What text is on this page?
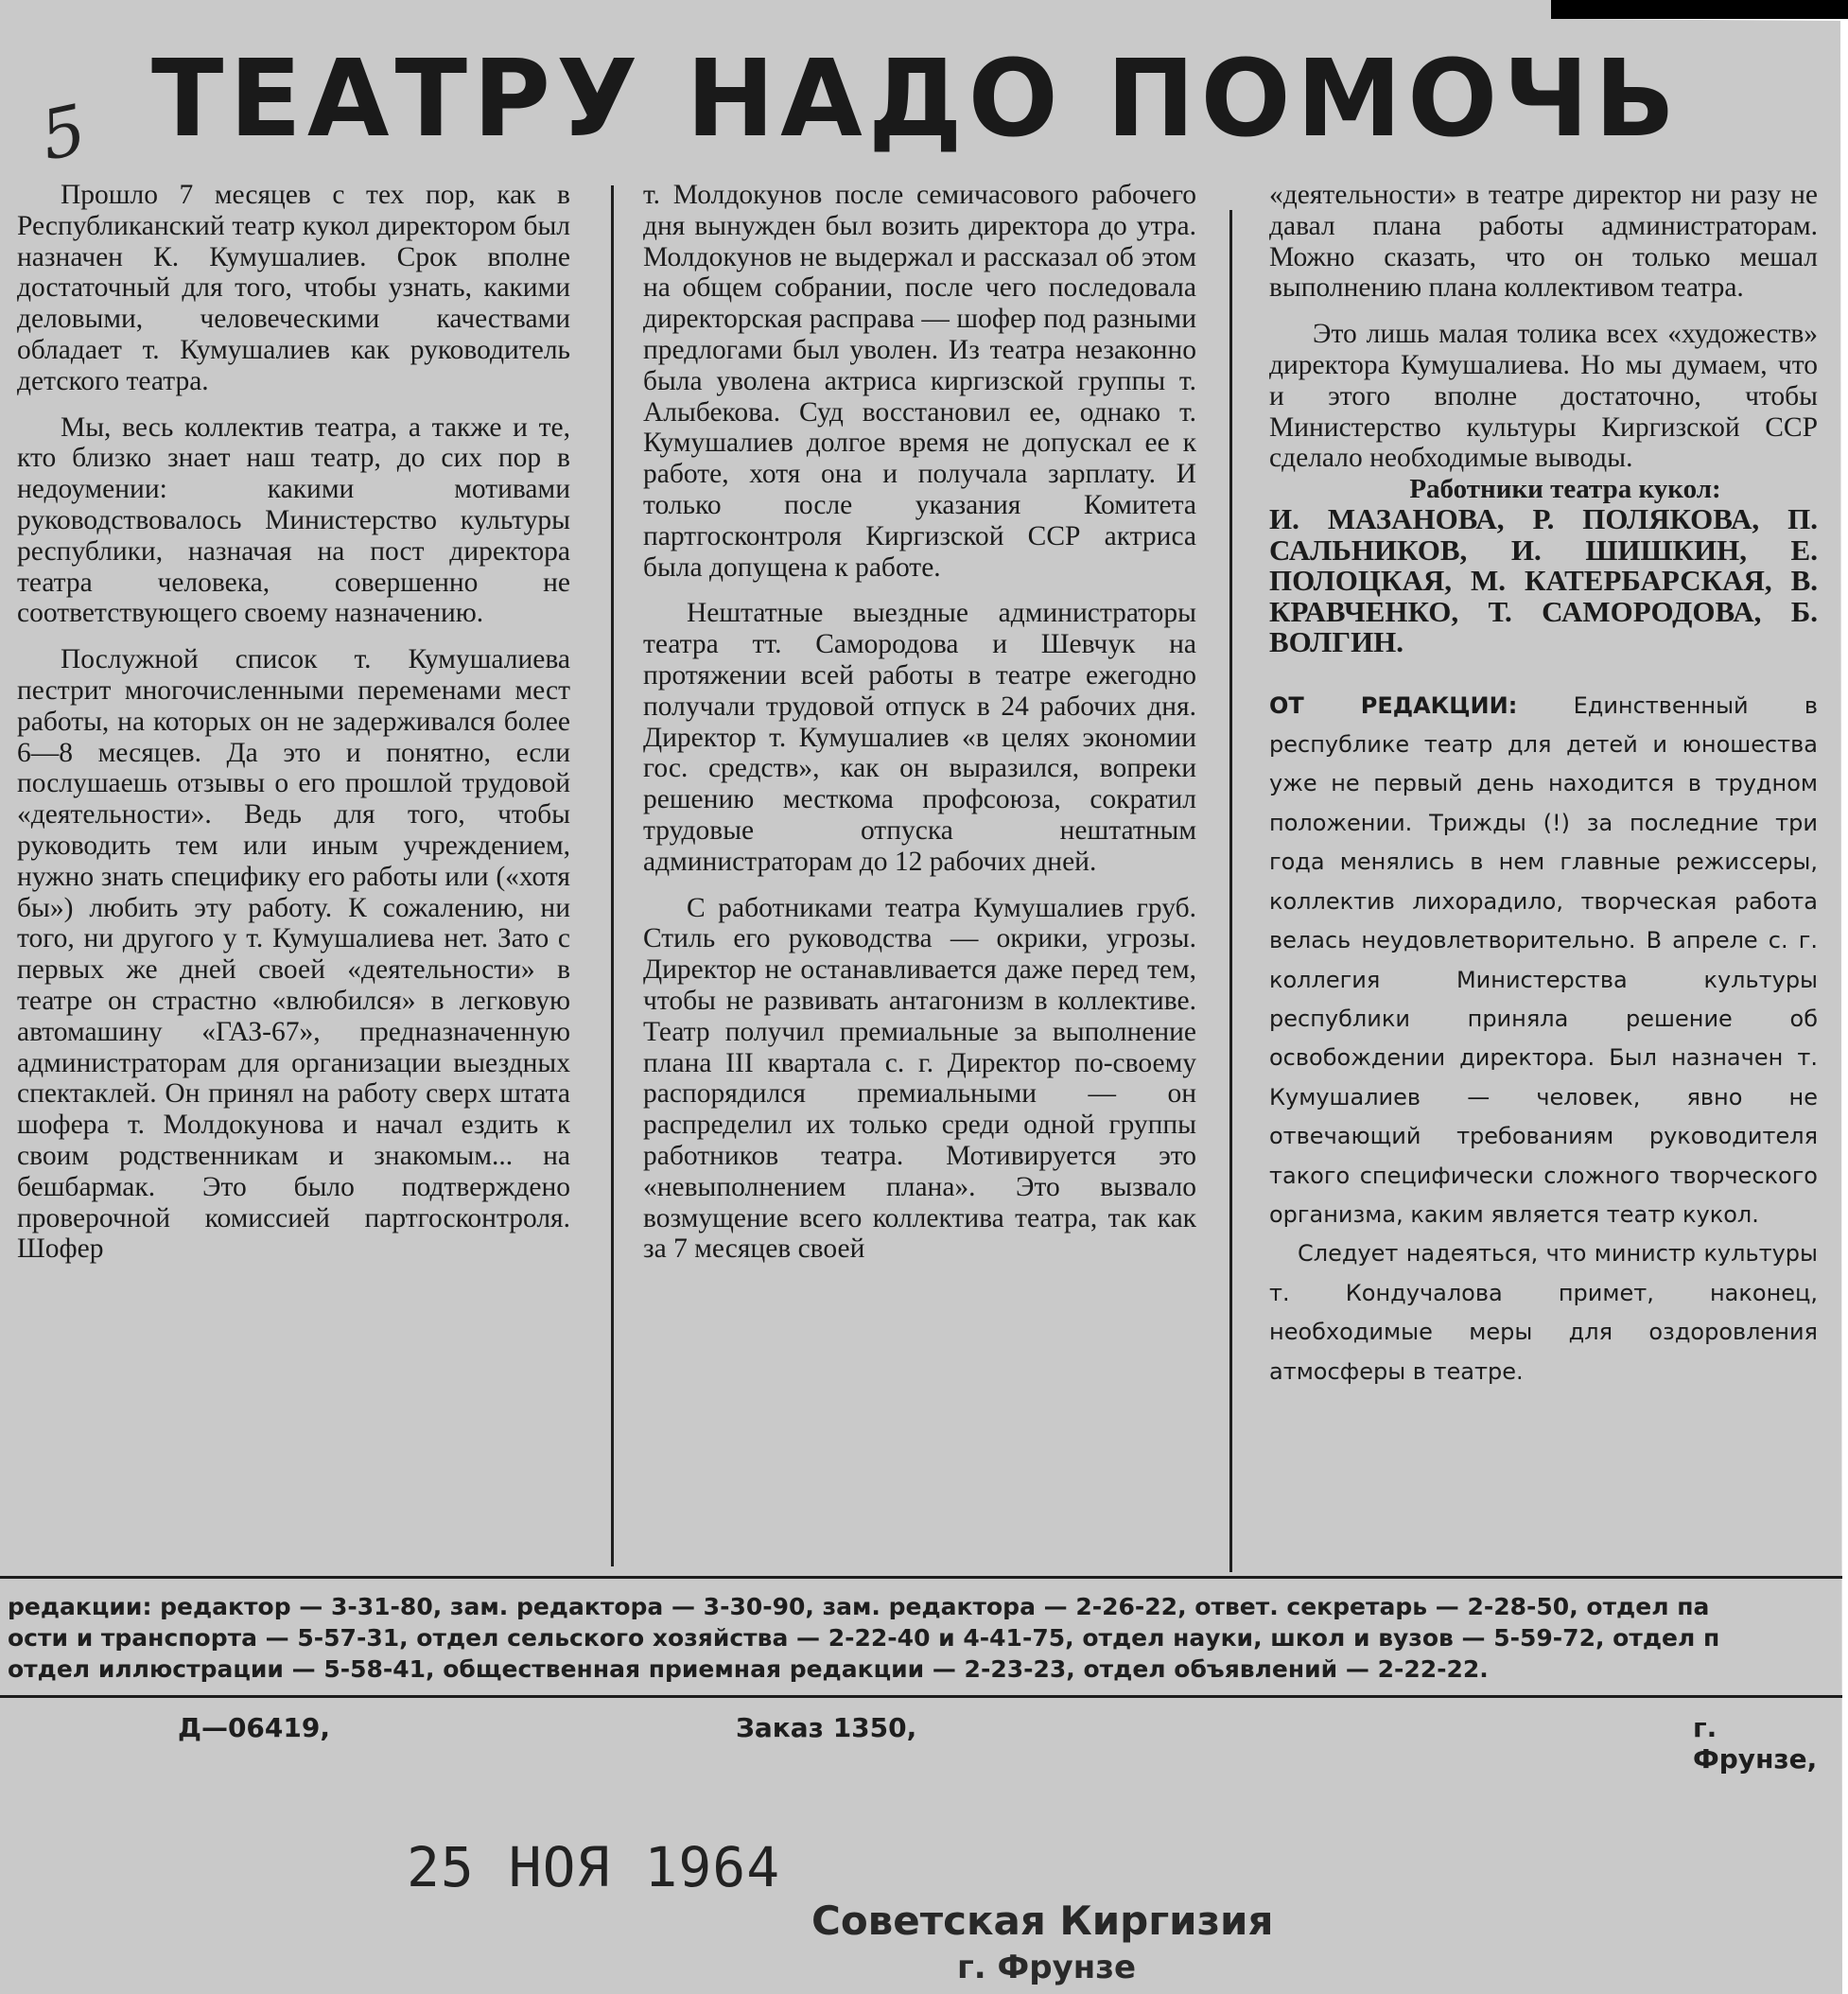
5 ТЕАТРУ НАДО ПОМОЧЬ

Прошло 7 месяцев с тех пор, как в Республиканский театр кукол директором был назначен К. Кумушалиев. Срок вполне достаточный для того, чтобы узнать, какими деловыми, человеческими качествами обладает т. Кумушалиев как руководитель детского театра.

Мы, весь коллектив театра, а также и те, кто близко знает наш театр, до сих пор в недоумении: какими мотивами руководствовалось Министерство культуры республики, назначая на пост директора театра человека, совершенно не соответствующего своему назначению.

Послужной список т. Кумушалиева пестрит многочисленными переменами мест работы, на которых он не задерживался более 6—8 месяцев. Да это и понятно, если послушаешь отзывы о его прошлой трудовой «деятельности». Ведь для того, чтобы руководить тем или иным учреждением, нужно знать специфику его работы или («хотя бы») любить эту работу. К сожалению, ни того, ни другого у т. Кумушалиева нет. Зато с первых же дней своей «деятельности» в театре он страстно «влюбился» в легковую автомашину «ГАЗ-67», предназначенную администраторам для организации выездных спектаклей. Он принял на работу сверх штата шофера т. Молдокунова и начал ездить к своим родственникам и знакомым... на бешбармак. Это было подтверждено проверочной комиссией партгосконтроля. Шофер

т. Молдокунов после семичасового рабочего дня вынужден был возить директора до утра. Молдокунов не выдержал и рассказал об этом на общем собрании, после чего последовала директорская расправа — шофер под разными предлогами был уволен. Из театра незаконно была уволена актриса киргизской группы т. Алыбекова. Суд восстановил ее, однако т. Кумушалиев долгое время не допускал ее к работе, хотя она и получала зарплату. И только после указания Комитета партгосконтроля Киргизской ССР актриса была допущена к работе.

Нештатные выездные администраторы театра тт. Самородова и Шевчук на протяжении всей работы в театре ежегодно получали трудовой отпуск в 24 рабочих дня. Директор т. Кумушалиев «в целях экономии гос. средств», как он выразился, вопреки решению месткома профсоюза, сократил трудовые отпуска нештатным администраторам до 12 рабочих дней.

С работниками театра Кумушалиев груб. Стиль его руководства — окрики, угрозы. Директор не останавливается даже перед тем, чтобы не развивать антагонизм в коллективе. Театр получил премиальные за выполнение плана III квартала с. г. Директор по-своему распорядился премиальными — он распределил их только среди одной группы работников театра. Мотивируется это «невыполнением плана». Это вызвало возмущение всего коллектива театра, так как за 7 месяцев своей

«деятельности» в театре директор ни разу не давал плана работы администраторам. Можно сказать, что он только мешал выполнению плана коллективом театра.

Это лишь малая толика всех «художеств» директора Кумушалиева. Но мы думаем, что и этого вполне достаточно, чтобы Министерство культуры Киргизской ССР сделало необходимые выводы.

Работники театра кукол:

И. МАЗАНОВА, Р. ПОЛЯКОВА, П. САЛЬНИКОВ, И. ШИШКИН, Е. ПОЛОЦКАЯ, М. КАТЕРБАРСКАЯ, В. КРАВЧЕНКО, Т. САМОРОДОВА, Б. ВОЛГИН.

ОТ РЕДАКЦИИ: Единственный в республике театр для детей и юношества уже не первый день находится в трудном положении. Трижды (!) за последние три года менялись в нем главные режиссеры, коллектив лихорадило, творческая работа велась неудовлетворительно. В апреле с. г. коллегия Министерства культуры республики приняла решение об освобождении директора. Был назначен т. Кумушалиев — человек, явно не отвечающий требованиям руководителя такого специфически сложного творческого организма, каким является театр кукол.

Следует надеяться, что министр культуры т. Кондучалова примет, наконец, необходимые меры для оздоровления атмосферы в театре.

редакции: редактор — 3-31-80, зам. редактора — 3-30-90, зам. редактора — 2-26-22, ответ. секретарь — 2-28-50, отдел па
ости и транспорта — 5-57-31, отдел сельского хозяйства — 2-22-40 и 4-41-75, отдел науки, школ и вузов — 5-59-72, отдел п
отдел иллюстрации — 5-58-41, общественная приемная редакции — 2-23-23, отдел объявлений — 2-22-22.
Д—06419,	Заказ 1350,	г. Фрунзе,
25 НОЯ 1964
Советская Киргизия
г. Фрунзе
